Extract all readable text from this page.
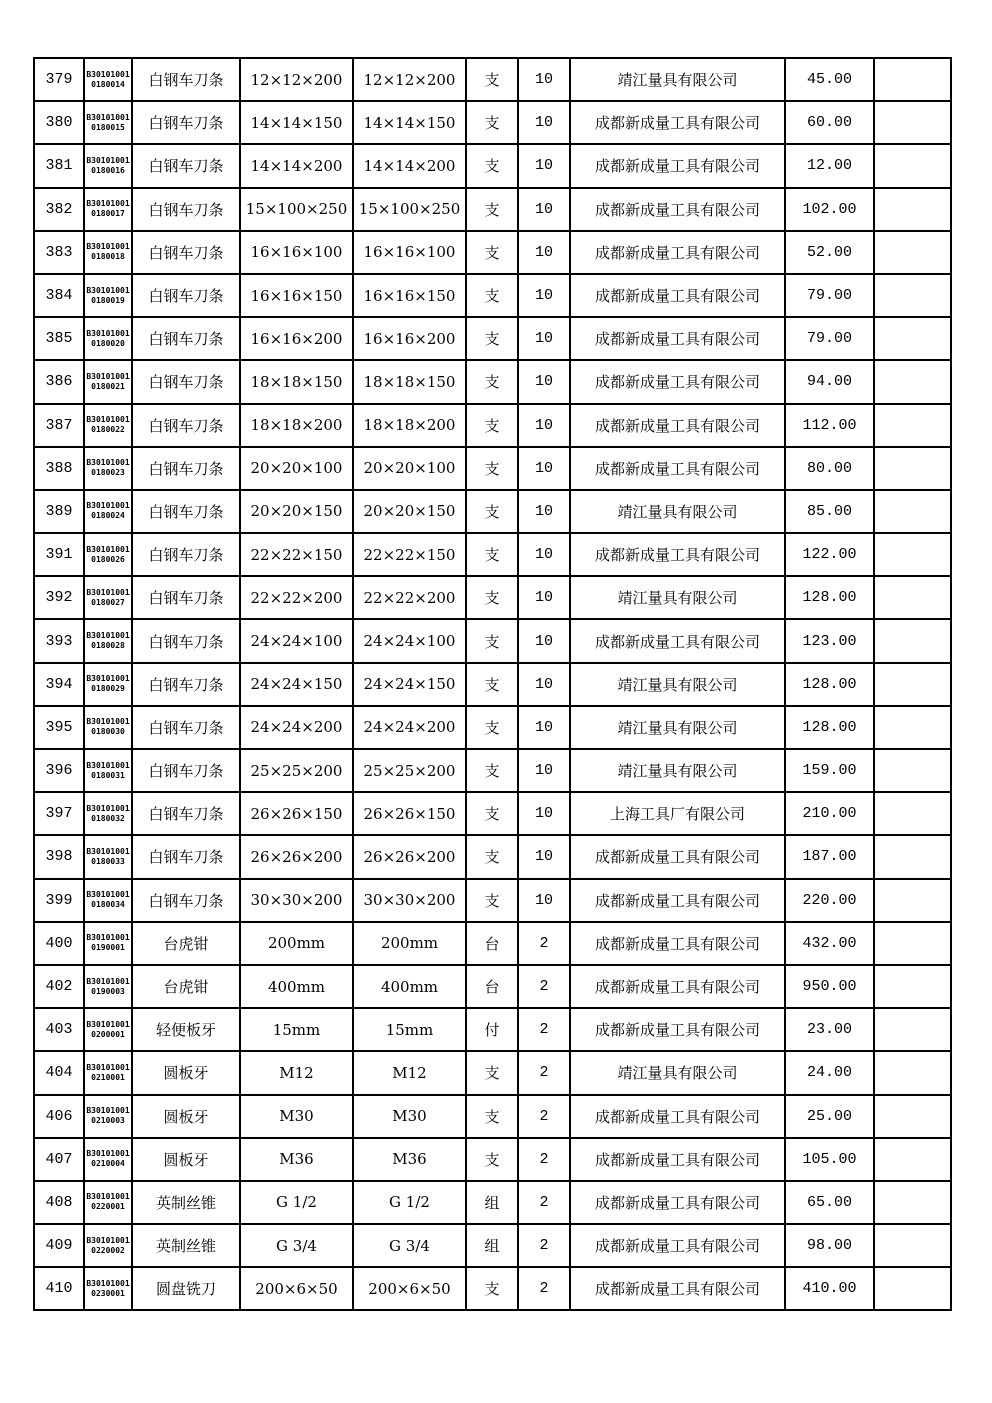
379	B301010010180014	白钢车刀条	12×12×200	12×12×200	支	10	靖江量具有限公司	45.00	
380	B301010010180015	白钢车刀条	14×14×150	14×14×150	支	10	成都新成量工具有限公司	60.00	
381	B301010010180016	白钢车刀条	14×14×200	14×14×200	支	10	成都新成量工具有限公司	12.00	
382	B301010010180017	白钢车刀条	15×100×250	15×100×250	支	10	成都新成量工具有限公司	102.00	
383	B301010010180018	白钢车刀条	16×16×100	16×16×100	支	10	成都新成量工具有限公司	52.00	
384	B301010010180019	白钢车刀条	16×16×150	16×16×150	支	10	成都新成量工具有限公司	79.00	
385	B301010010180020	白钢车刀条	16×16×200	16×16×200	支	10	成都新成量工具有限公司	79.00	
386	B301010010180021	白钢车刀条	18×18×150	18×18×150	支	10	成都新成量工具有限公司	94.00	
387	B301010010180022	白钢车刀条	18×18×200	18×18×200	支	10	成都新成量工具有限公司	112.00	
388	B301010010180023	白钢车刀条	20×20×100	20×20×100	支	10	成都新成量工具有限公司	80.00	
389	B301010010180024	白钢车刀条	20×20×150	20×20×150	支	10	靖江量具有限公司	85.00	
391	B301010010180026	白钢车刀条	22×22×150	22×22×150	支	10	成都新成量工具有限公司	122.00	
392	B301010010180027	白钢车刀条	22×22×200	22×22×200	支	10	靖江量具有限公司	128.00	
393	B301010010180028	白钢车刀条	24×24×100	24×24×100	支	10	成都新成量工具有限公司	123.00	
394	B301010010180029	白钢车刀条	24×24×150	24×24×150	支	10	靖江量具有限公司	128.00	
395	B301010010180030	白钢车刀条	24×24×200	24×24×200	支	10	靖江量具有限公司	128.00	
396	B301010010180031	白钢车刀条	25×25×200	25×25×200	支	10	靖江量具有限公司	159.00	
397	B301010010180032	白钢车刀条	26×26×150	26×26×150	支	10	上海工具厂有限公司	210.00	
398	B301010010180033	白钢车刀条	26×26×200	26×26×200	支	10	成都新成量工具有限公司	187.00	
399	B301010010180034	白钢车刀条	30×30×200	30×30×200	支	10	成都新成量工具有限公司	220.00	
400	B301010010190001	台虎钳	200mm	200mm	台	2	成都新成量工具有限公司	432.00	
402	B301010010190003	台虎钳	400mm	400mm	台	2	成都新成量工具有限公司	950.00	
403	B301010010200001	轻便板牙	15mm	15mm	付	2	成都新成量工具有限公司	23.00	
404	B301010010210001	圆板牙	M12	M12	支	2	靖江量具有限公司	24.00	
406	B301010010210003	圆板牙	M30	M30	支	2	成都新成量工具有限公司	25.00	
407	B301010010210004	圆板牙	M36	M36	支	2	成都新成量工具有限公司	105.00	
408	B301010010220001	英制丝锥	G 1/2	G 1/2	组	2	成都新成量工具有限公司	65.00	
409	B301010010220002	英制丝锥	G 3/4	G 3/4	组	2	成都新成量工具有限公司	98.00	
410	B301010010230001	圆盘铣刀	200×6×50	200×6×50	支	2	成都新成量工具有限公司	410.00	
